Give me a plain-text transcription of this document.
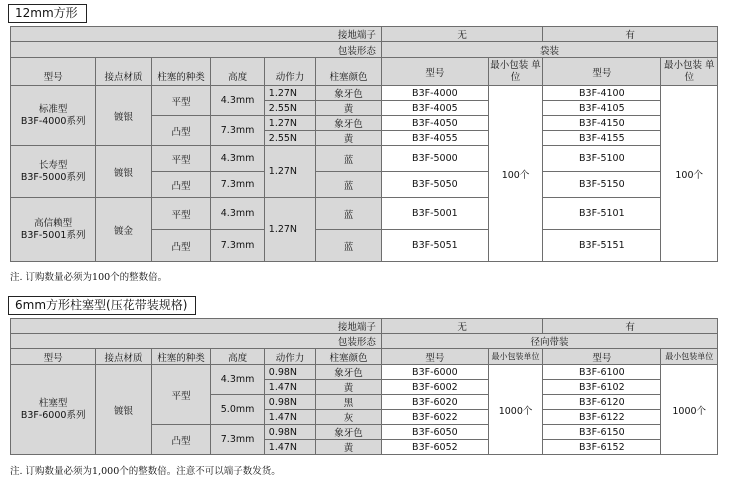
12mm方形
接地端子						无		有	
包装形态						袋装			
型号	接点材质	柱塞的种类	高度	动作力	柱塞颜色	型号	最小包装 单位	型号	最小包装 单位

标准型
B3F-4000系列	镀银	平型	4.3mm	1.27N	象牙色	B3F-4000	100个	B3F-4100	100个
				2.55N	黄	B3F-4005		B3F-4105	
		凸型	7.3mm	1.27N	象牙色	B3F-4050		B3F-4150	
				2.55N	黄	B3F-4055		B3F-4155	

长寿型
B3F-5000系列	镀银	平型	4.3mm	1.27N	蓝	B3F-5000		B3F-5100	
		凸型	7.3mm		蓝	B3F-5050		B3F-5150	

高信赖型
B3F-5001系列	镀金	平型	4.3mm	1.27N	蓝	B3F-5001		B3F-5101	
		凸型	7.3mm		蓝	B3F-5051		B3F-5151	
注. 订购数量必须为100个的整数倍。
6mm方形柱塞型(压花带装规格)
接地端子						无		有	
包装形态						径向带装			
型号	接点材质	柱塞的种类	高度	动作力	柱塞颜色	型号	最小包装单位	型号	最小包装单位

柱塞型
B3F-6000系列	镀银	平型	4.3mm	0.98N	象牙色	B3F-6000	1000个	B3F-6100	1000个
				1.47N	黄	B3F-6002		B3F-6102	
			5.0mm	0.98N	黑	B3F-6020		B3F-6120	
				1.47N	灰	B3F-6022		B3F-6122	
		凸型	7.3mm	0.98N	象牙色	B3F-6050		B3F-6150	
				1.47N	黄	B3F-6052		B3F-6152	
注. 订购数量必须为1,000个的整数倍。注意不可以端子数发货。
